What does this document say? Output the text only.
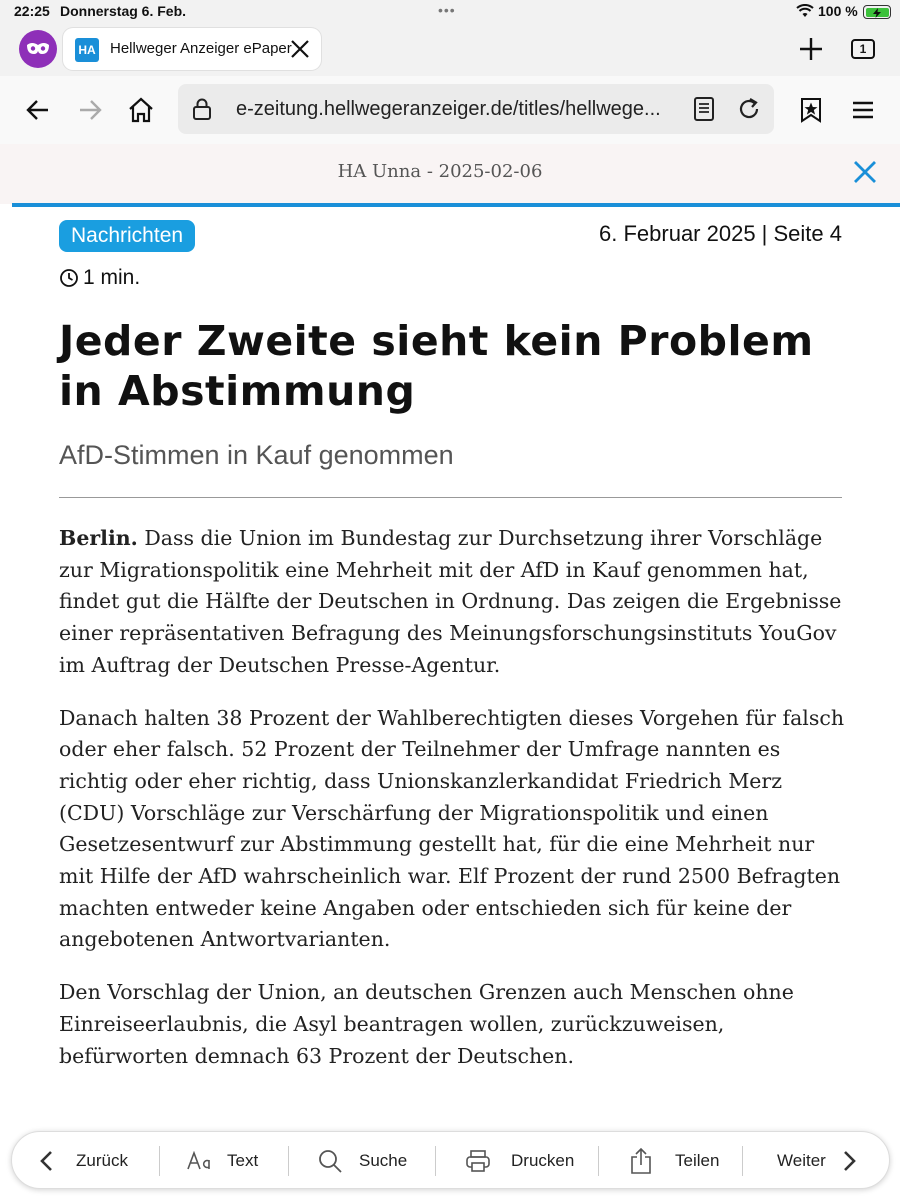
22:25 Donnerstag 6. Feb.	•••	100 %
HA Hellweger Anzeiger ePaper	1
e-zeitung.hellwegeranzeiger.de/titles/hellwege...
HA Unna - 2025-02-06
Nachrichten	6. Februar 2025 | Seite 4
1 min.
Jeder Zweite sieht kein Problem in Abstimmung
AfD-Stimmen in Kauf genommen

Berlin. Dass die Union im Bundestag zur Durchsetzung ihrer Vorschläge zur Migrationspolitik eine Mehrheit mit der AfD in Kauf genommen hat, findet gut die Hälfte der Deutschen in Ordnung. Das zeigen die Ergebnisse einer repräsentativen Befragung des Meinungsforschungsinstituts YouGov im Auftrag der Deutschen Presse-Agentur.

Danach halten 38 Prozent der Wahlberechtigten dieses Vorgehen für falsch oder eher falsch. 52 Prozent der Teilnehmer der Umfrage nannten es richtig oder eher richtig, dass Unionskanzlerkandidat Friedrich Merz (CDU) Vorschläge zur Verschärfung der Migrationspolitik und einen Gesetzesentwurf zur Abstimmung gestellt hat, für die eine Mehrheit nur mit Hilfe der AfD wahrscheinlich war. Elf Prozent der rund 2500 Befragten machten entweder keine Angaben oder entschieden sich für keine der angebotenen Antwortvarianten.

Den Vorschlag der Union, an deutschen Grenzen auch Menschen ohne Einreiseerlaubnis, die Asyl beantragen wollen, zurückzuweisen, befürworten demnach 63 Prozent der Deutschen.

Zurück	Text	Suche	Drucken	Teilen	Weiter
